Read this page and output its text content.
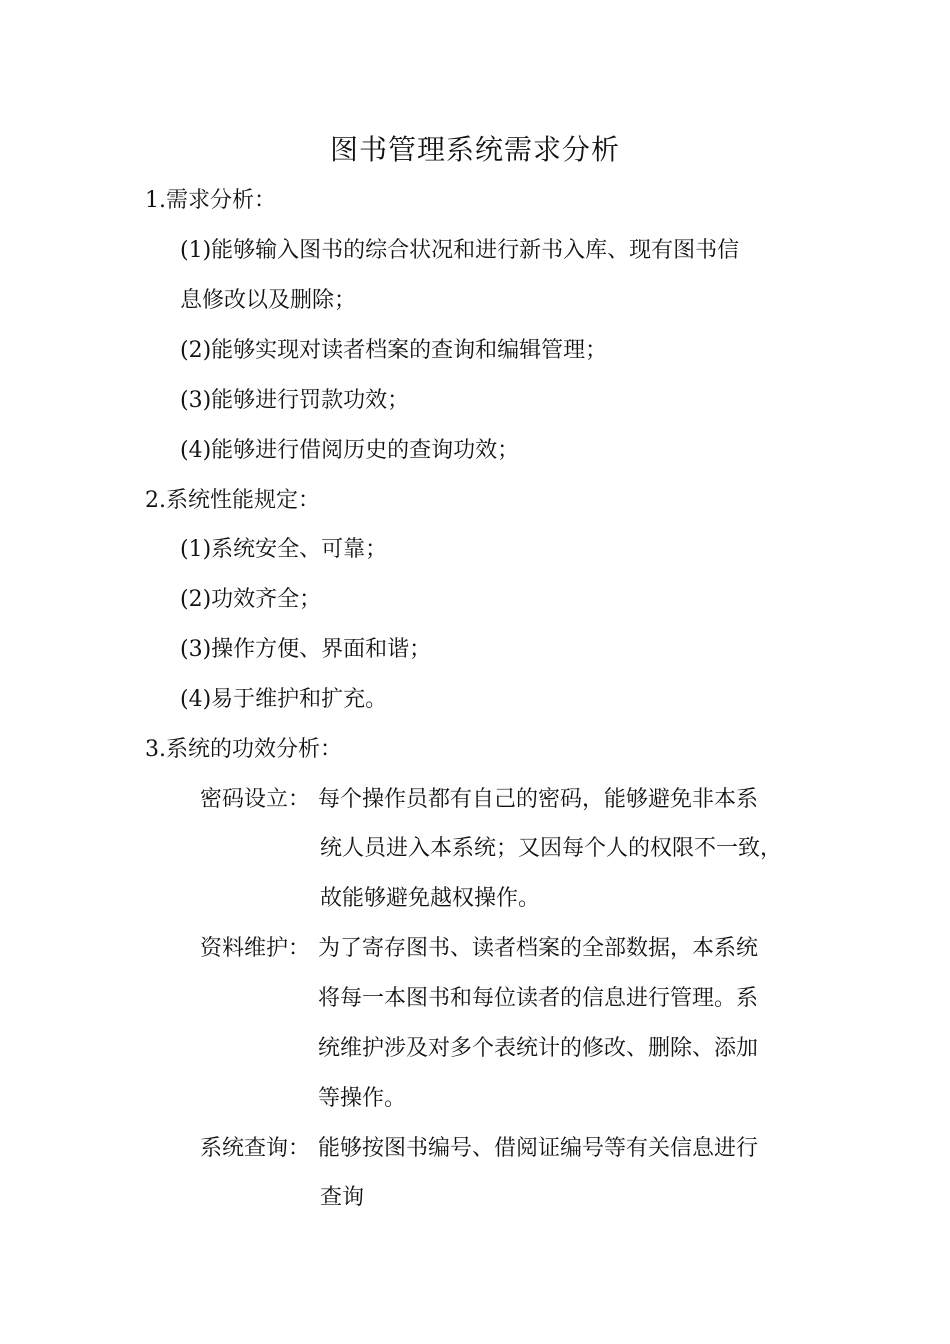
图书管理系统需求分析
1.需求分析：
(1)能够输入图书的综合状况和进行新书入库、现有图书信
息修改以及删除；
(2)能够实现对读者档案的查询和编辑管理；
(3)能够进行罚款功效；
(4)能够进行借阅历史的查询功效；
2.系统性能规定：
(1)系统安全、可靠；
(2)功效齐全；
(3)操作方便、界面和谐；
(4)易于维护和扩充。
3.系统的功效分析：
密码设立： 每个操作员都有自己的密码，能够避免非本系
统人员进入本系统；又因每个人的权限不一致，
故能够避免越权操作。
资料维护： 为了寄存图书、读者档案的全部数据，本系统
将每一本图书和每位读者的信息进行管理。系
统维护涉及对多个表统计的修改、删除、添加
等操作。
系统查询： 能够按图书编号、借阅证编号等有关信息进行
查询
